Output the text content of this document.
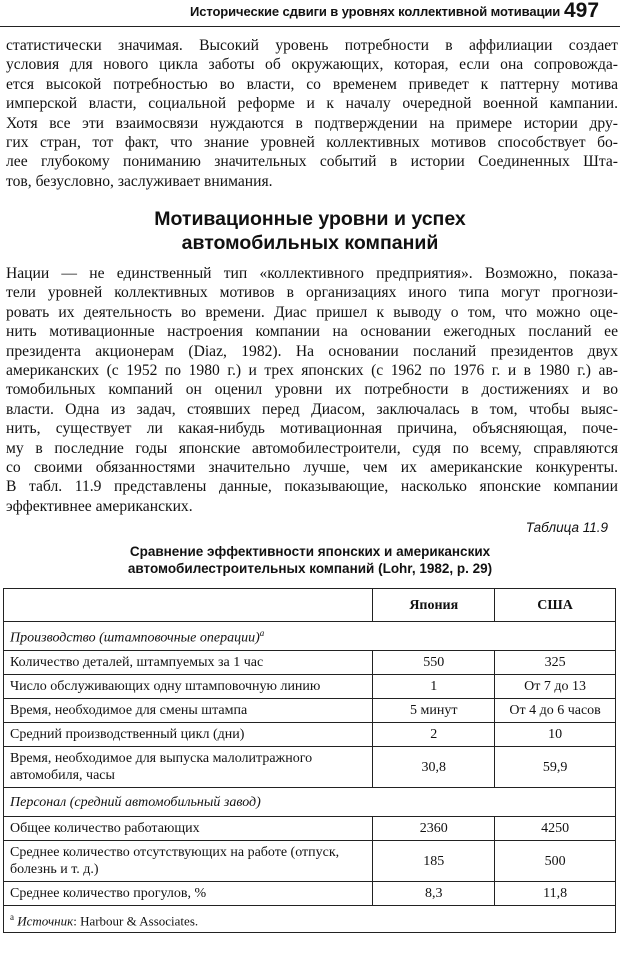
Исторические сдвиги в уровнях коллективной мотивации 497
статистически значимая. Высокий уровень потребности в аффилиации создает
условия для нового цикла заботы об окружающих, которая, если она сопровожда-
ется высокой потребностью во власти, со временем приведет к паттерну мотива
имперской власти, социальной реформе и к началу очередной военной кампании.
Хотя все эти взаимосвязи нуждаются в подтверждении на примере истории дру-
гих стран, тот факт, что знание уровней коллективных мотивов способствует бо-
лее глубокому пониманию значительных событий в истории Соединенных Шта-
тов, безусловно, заслуживает внимания.
Мотивационные уровни и успех
автомобильных компаний
Нации — не единственный тип «коллективного предприятия». Возможно, показа-
тели уровней коллективных мотивов в организациях иного типа могут прогнози-
ровать их деятельность во времени. Диас пришел к выводу о том, что можно оце-
нить мотивационные настроения компании на основании ежегодных посланий ее
президента акционерам (Diaz, 1982). На основании посланий президентов двух
американских (с 1952 по 1980 г.) и трех японских (с 1962 по 1976 г. и в 1980 г.) ав-
томобильных компаний он оценил уровни их потребности в достижениях и во
власти. Одна из задач, стоявших перед Диасом, заключалась в том, чтобы выяс-
нить, существует ли какая-нибудь мотивационная причина, объясняющая, поче-
му в последние годы японские автомобилестроители, судя по всему, справляются
со своими обязанностями значительно лучше, чем их американские конкуренты.
В табл. 11.9 представлены данные, показывающие, насколько японские компании
эффективнее американских.
Таблица 11.9
Сравнение эффективности японских и американских
автомобилестроительных компаний (Lohr, 1982, p. 29)
	Япония	США
Производство (штамповочные операции)$^а$
Количество деталей, штампуемых за 1 час	550	325
Число обслуживающих одну штамповочную линию	1	От 7 до 13
Время, необходимое для смены штампа	5 минут	От 4 до 6 часов
Средний производственный цикл (дни)	2	10
Время, необходимое для выпуска малолитражного автомобиля, часы	30,8	59,9
Персонал (средний автомобильный завод)		
Общее количество работающих	2360	4250
Среднее количество отсутствующих на работе (отпуск, болезнь и т. д.)	185	500
Среднее количество прогулов, %	8,3	11,8
$^а$ Источник: Harbour & Associates.		
